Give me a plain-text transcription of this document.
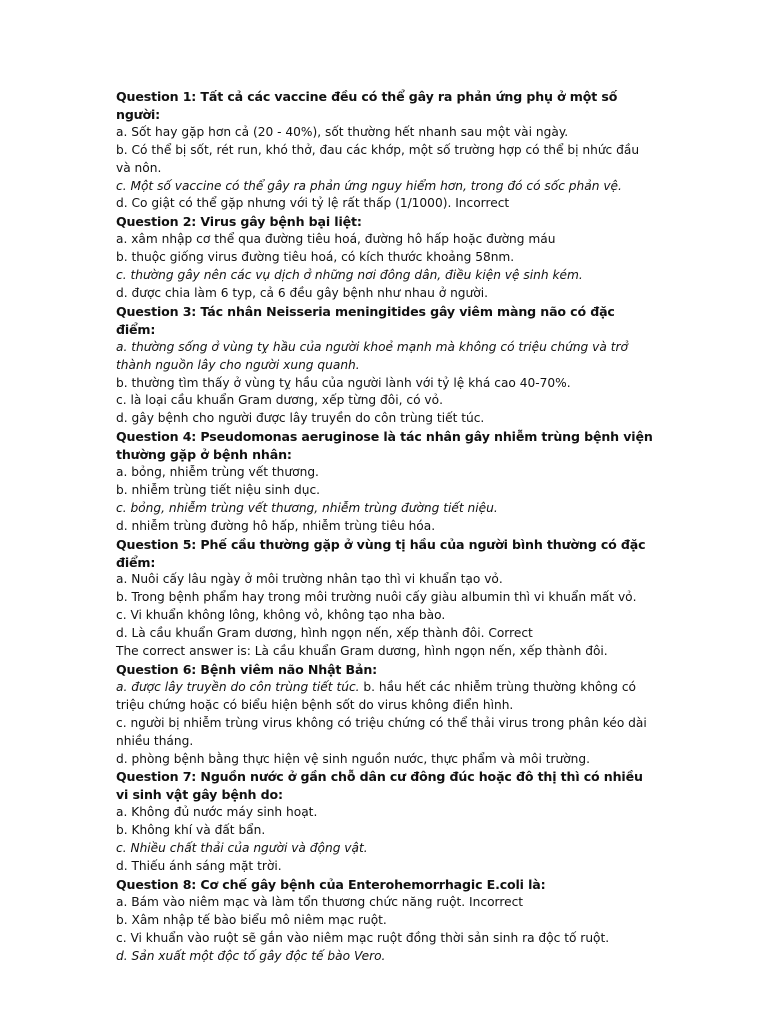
Question 1: Tất cả các vaccine đều có thể gây ra phản ứng phụ ở một số người:
a. Sốt hay gặp hơn cả (20 - 40%), sốt thường hết nhanh sau một vài ngày.
b. Có thể bị sốt, rét run, khó thở, đau các khớp, một số trường hợp có thể bị nhức đầu và nôn.
c. Một số vaccine có thể gây ra phản ứng nguy hiểm hơn, trong đó có sốc phản vệ.
d. Co giật có thể gặp nhưng với tỷ lệ rất thấp (1/1000). Incorrect
Question 2: Virus gây bệnh bại liệt:
a. xâm nhập cơ thể qua đường tiêu hoá, đường hô hấp hoặc đường máu
b. thuộc giống virus đường tiêu hoá, có kích thước khoảng 58nm.
c. thường gây nên các vụ dịch ở những nơi đông dân, điều kiện vệ sinh kém.
d. được chia làm 6 typ, cả 6 đều gây bệnh như nhau ở người.
Question 3: Tác nhân Neisseria meningitides gây viêm màng não có đặc điểm:
a. thường sống ở vùng tỵ hầu của người khoẻ mạnh mà không có triệu chứng và trở thành nguồn lây cho người xung quanh.
b. thường tìm thấy ở vùng tỵ hầu của người lành với tỷ lệ khá cao 40-70%.
c. là loại cầu khuẩn Gram dương, xếp từng đôi, có vỏ.
d. gây bệnh cho người được lây truyền do côn trùng tiết túc.
Question 4: Pseudomonas aeruginose là tác nhân gây nhiễm trùng bệnh viện thường gặp ở bệnh nhân:
a. bỏng, nhiễm trùng vết thương.
b. nhiễm trùng tiết niệu sinh dục.
c. bỏng, nhiễm trùng vết thương, nhiễm trùng đường tiết niệu.
d. nhiễm trùng đường hô hấp, nhiễm trùng tiêu hóa.
Question 5: Phế cầu thường gặp ở vùng tị hầu của người bình thường có đặc điểm:
a. Nuôi cấy lâu ngày ở môi trường nhân tạo thì vi khuẩn tạo vỏ.
b. Trong bệnh phẩm hay trong môi trường nuôi cấy giàu albumin thì vi khuẩn mất vỏ.
c. Vi khuẩn không lông, không vỏ, không tạo nha bào.
d. Là cầu khuẩn Gram dương, hình ngọn nến, xếp thành đôi. Correct
The correct answer is: Là cầu khuẩn Gram dương, hình ngọn nến, xếp thành đôi.
Question 6: Bệnh viêm não Nhật Bản:
a. được lây truyền do côn trùng tiết túc. b. hầu hết các nhiễm trùng thường không có triệu chứng hoặc có biểu hiện bệnh sốt do virus không điển hình.
c. người bị nhiễm trùng virus không có triệu chứng có thể thải virus trong phân kéo dài nhiều tháng.
d. phòng bệnh bằng thực hiện vệ sinh nguồn nước, thực phẩm và môi trường.
Question 7: Nguồn nước ở gần chỗ dân cư đông đúc hoặc đô thị thì có nhiều vi sinh vật gây bệnh do:
a. Không đủ nước máy sinh hoạt.
b. Không khí và đất bẩn.
c. Nhiều chất thải của người và động vật.
d. Thiếu ánh sáng mặt trời.
Question 8: Cơ chế gây bệnh của Enterohemorrhagic E.coli là:
a. Bám vào niêm mạc và làm tổn thương chức năng ruột. Incorrect
b. Xâm nhập tế bào biểu mô niêm mạc ruột.
c. Vi khuẩn vào ruột sẽ gắn vào niêm mạc ruột đồng thời sản sinh ra độc tố ruột.
d. Sản xuất một độc tố gây độc tế bào Vero.
